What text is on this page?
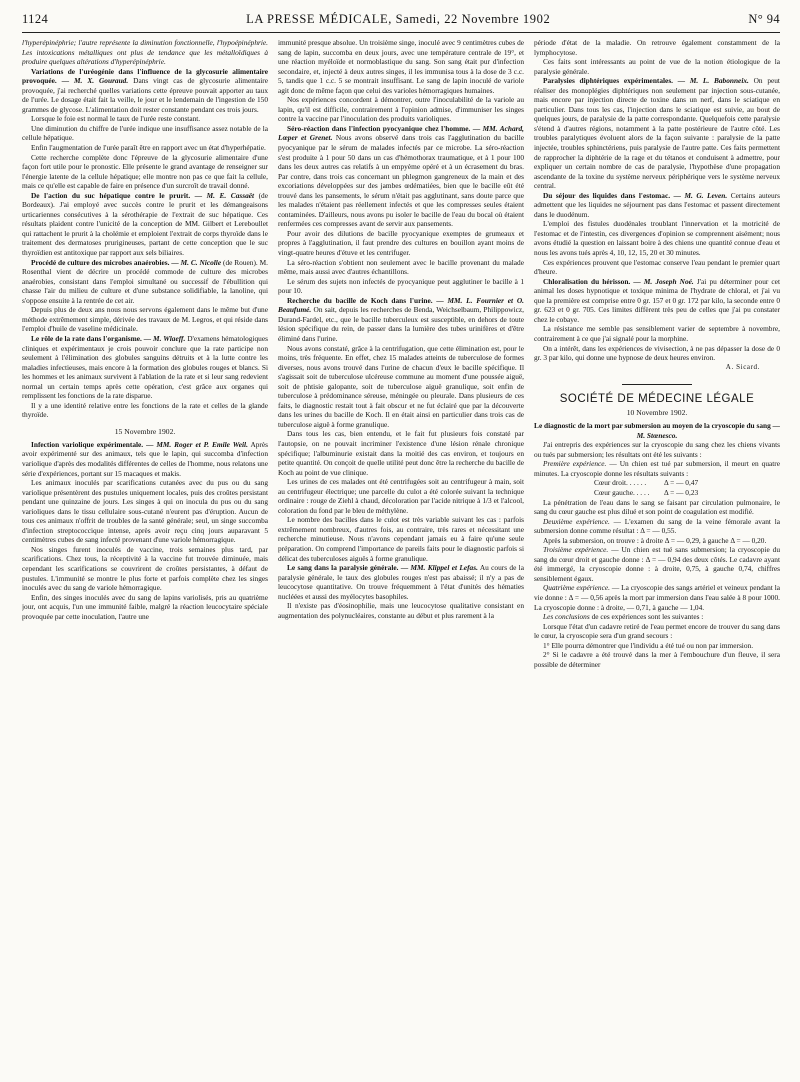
1124	LA PRESSE MÉDICALE, Samedi, 22 Novembre 1902	N° 94

l'hyperépinéphrie; l'autre représente la diminution fonctionnelle, l'hypoépinéphrie. Les intoxications métalliques ont plus de tendance que les métalloïdiques à produire quelques altérations d'hyperépinéphrie.

Variations de l'uréogénie dans l'influence de la glycosurie alimentaire provoquée. — M. X. Gouraud. Dans vingt cas de glycosurie alimentaire provoquée, j'ai recherché quelles variations cette épreuve pouvait apporter au taux de l'urée. Le dosage était fait la veille, le jour et le lendemain de l'ingestion de 150 grammes de glycose. L'alimentation doit rester constante pendant ces trois jours.

Lorsque le foie est normal le taux de l'urée reste constant.

Une diminution du chiffre de l'urée indique une insuffisance assez notable de la cellule hépatique.

Enfin l'augmentation de l'urée paraît être en rapport avec un état d'hyperhépatie.

Cette recherche complète donc l'épreuve de la glycosurie alimentaire d'une façon fort utile pour le pronostic. Elle présente le grand avantage de renseigner sur l'énergie latente de la cellule hépatique; elle montre non pas ce que fait la cellule, mais ce qu'elle est capable de faire en présence d'un surcroît de travail donné.

De l'action du suc hépatique contre le prurit. — M. E. Cassaët (de Bordeaux). J'ai employé avec succès contre le prurit et les démangeaisons urticariennes consécutives à la sérothérapie de l'extrait de suc hépatique. Ces résultats plaident contre l'unicité de la conception de MM. Gilbert et Lereboullet qui rattachent le prurit à la cholémie et emploient l'extrait de corps thyroïde dans le traitement des dermatoses prurigineuses, partant de cette conception que le suc thyroïdien est antitoxique par rapport aux sels biliaires.

Procédé de culture des microbes anaérobies. — M. C. Nicolle (de Rouen). M. Rosenthal vient de décrire un procédé commode de culture des microbes anaérobies, consistant dans l'emploi simultané ou successif de l'ébullition qui chasse l'air du milieu de culture et d'une substance solidifiable, la lanoline, qui s'oppose ensuite à la rentrée de cet air.

Depuis plus de deux ans nous nous servons également dans le même but d'une méthode extrêmement simple, dérivée des travaux de M. Legros, et qui réside dans l'emploi d'huile de vaseline médicinale.

Le rôle de la rate dans l'organisme. — M. Wlaeff. D'examens hématologiques cliniques et expérimentaux je crois pouvoir conclure que la rate participe non seulement à l'élimination des globules sanguins détruits et à la lutte contre les maladies infectieuses, mais encore à la formation des globules rouges et blancs. Si les hommes et les animaux survivent à l'ablation de la rate et si leur sang redevient normal un certain temps après cette opération, c'est grâce aux organes qui remplissent les fonctions de la rate disparue.

Il y a une identité relative entre les fonctions de la rate et celles de la glande thyroïde.

15 Novembre 1902.

Infection variolique expérimentale. — MM. Roger et P. Emile Weil. Après avoir expérimenté sur des animaux, tels que le lapin, qui succomba d'infection variolique d'après des modalités différentes de celles de l'homme, nous relatons une série d'expériences, portant sur 15 macaques et makis.

Les animaux inoculés par scarifications cutanées avec du pus ou du sang variolique présentèrent des pustules uniquement locales, puis des croûtes persistant pendant une quinzaine de jours. Les singes à qui on inocula du pus ou du sang varioliques dans le tissu cellulaire sous-cutané n'eurent pas d'éruption. Aucun de tous ces animaux n'offrit de troubles de la santé générale; seul, un singe succomba d'infection streptococcique intense, après avoir reçu cinq jours auparavant 5 centimètres cubes de sang infecté provenant d'une variole hémorragique.

Nos singes furent inoculés de vaccine, trois semaines plus tard, par scarifications. Chez tous, la réceptivité à la vaccine fut trouvée diminuée, mais cependant les scarifications se couvrirent de croûtes persistantes, à défaut de pustules. L'immunité se montre le plus forte et parfois complète chez les singes inoculés avec du sang de variole hémorragique.

Enfin, des singes inoculés avec du sang de lapins variolisés, pris au quatrième jour, ont acquis, l'un une immunité faible, malgré la réaction leucocytaire spéciale provoquée par cette inoculation, l'autre une

immunité presque absolue. Un troisième singe, inoculé avec 9 centimètres cubes de sang de lapin, succomba en deux jours, avec une température centrale de 19°, et une réaction myéloïde et normoblastique du sang. Son sang était pur d'infection secondaire, et, injecté à deux autres singes, il les immunisa tous à la dose de 3 c.c. 5, tandis que 1 c.c. 5 se montrait insuffisant. Le sang de lapin inoculé de variole agit donc de même façon que celui des varioles hémorragiques humaines.

Nos expériences concordent à démontrer, outre l'inoculabilité de la variole au lapin, qu'il est difficile, contrairement à l'opinion admise, d'immuniser les singes contre la vaccine par l'inoculation des produits varioliques.

Séro-réaction dans l'infection pyocyanique chez l'homme. — MM. Achard, Lœper et Grenet. Nous avons observé dans trois cas l'agglutination du bacille pyocyanique par le sérum de malades infectés par ce microbe. La séro-réaction s'est produite à 1 pour 50 dans un cas d'hémothorax traumatique, et à 1 pour 100 dans les deux autres cas relatifs à un empyème opéré et à un écrasement du bras. Par contre, dans trois cas concernant un phlegmon gangreneux de la main et des excoriations développées sur des jambes œdématiées, bien que le bacille eût été trouvé dans les pansements, le sérum n'était pas agglutinant, sans doute parce que les malades n'étaient pas réellement infectés et que les compresses seules étaient contaminées. D'ailleurs, nous avons pu isoler le bacille de l'eau du bocal où étaient renfermées ces compresses avant de servir aux pansements.

Pour avoir des dilutions de bacille pyocyanique exemptes de grumeaux et propres à l'agglutination, il faut prendre des cultures en bouillon ayant moins de vingt-quatre heures d'étuve et les centrifuger.

La séro-réaction s'obtient non seulement avec le bacille provenant du malade même, mais aussi avec d'autres échantillons.

Le sérum des sujets non infectés de pyocyanique peut agglutiner le bacille à 1 pour 10.

Recherche du bacille de Koch dans l'urine. — MM. L. Fournier et O. Beaufumé. On sait, depuis les recherches de Benda, Weichselbaum, Philippowicz, Durand-Fardel, etc., que le bacille tuberculeux est susceptible, en dehors de toute lésion spécifique du rein, de passer dans la lumière des tubes urinifères et d'être éliminé dans l'urine.

Nous avons constaté, grâce à la centrifugation, que cette élimination est, pour le moins, très fréquente. En effet, chez 15 malades atteints de tuberculose de formes diverses, nous avons trouvé dans l'urine de chacun d'eux le bacille spécifique. Il s'agissait soit de tuberculose ulcéreuse commune au moment d'une poussée aiguë, soit de phtisie galopante, soit de tuberculose aiguë granulique, soit enfin de tuberculose à prédominance séreuse, méningée ou pleurale. Dans plusieurs de ces faits, le diagnostic restait tout à fait obscur et ne fut éclairé que par la découverte dans les urines du bacille de Koch. Il en était ainsi en particulier dans trois cas de tuberculose aiguë à forme granulique.

Dans tous les cas, bien entendu, et le fait fut plusieurs fois constaté par l'autopsie, on ne pouvait incriminer l'existence d'une lésion rénale chronique spécifique; l'albuminurie existait dans la moitié des cas environ, et toujours en petite quantité. On conçoit de quelle utilité peut donc être la recherche du bacille de Koch au point de vue clinique.

Les urines de ces malades ont été centrifugées soit au centrifugeur à main, soit au centrifugeur électrique; une parcelle du culot a été colorée suivant la technique ordinaire : rouge de Ziehl à chaud, décoloration par l'acide nitrique à 1/3 et l'alcool, coloration du fond par le bleu de méthylène.

Le nombre des bacilles dans le culot est très variable suivant les cas : parfois extrêmement nombreux, d'autres fois, au contraire, très rares et nécessitant une recherche minutieuse. Nous n'avons cependant jamais eu à faire qu'une seule préparation. On comprend l'importance de pareils faits pour le diagnostic parfois si délicat des tuberculoses aiguës à forme granulique.

Le sang dans la paralysie générale. — MM. Klippel et Lefas. Au cours de la paralysie générale, le taux des globules rouges n'est pas abaissé; il n'y a pas de leucocytose quantitative. On trouve fréquemment à l'état d'unités des hématies nucléées et aussi des myélocytes basophiles.

Il n'existe pas d'éosinophilie, mais une leucocytose qualitative consistant en augmentation des polynucléaires, constante au début et plus rarement à la

période d'état de la maladie. On retrouve également constamment de la lymphocytose.

Ces faits sont intéressants au point de vue de la notion étiologique de la paralysie générale.

Paralysies diphtériques expérimentales. — M. L. Babonneix. On peut réaliser des monoplégies diphtériques non seulement par injection sous-cutanée, mais encore par injection directe de toxine dans un nerf, dans le sciatique en particulier. Dans tous les cas, l'injection dans le sciatique est suivie, au bout de quelques jours, de paralysie de la patte correspondante. Quelquefois cette paralysie s'étend à d'autres régions, notamment à la patte postérieure de l'autre côté. Les troubles paralytiques évoluent alors de la façon suivante : paralysie de la patte injectée, troubles sphinctériens, puis paralysie de l'autre patte. Ces faits permettent de rapprocher la diphtérie de la rage et du tétanos et conduisent à admettre, pour expliquer un certain nombre de cas de paralysie, l'hypothèse d'une propagation ascendante de la toxine du système nerveux périphérique vers le système nerveux central.

Du séjour des liquides dans l'estomac. — M. G. Leven. Certains auteurs admettent que les liquides ne séjournent pas dans l'estomac et passent directement dans le duodénum.

L'emploi des fistules duodénales troublant l'innervation et la motricité de l'estomac et de l'intestin, ces divergences d'opinion se comprennent aisément; nous avons étudié la question en laissant boire à des chiens une quantité connue d'eau et nous les avons tués après 4, 10, 12, 15, 20 et 30 minutes.

Ces expériences prouvent que l'estomac conserve l'eau pendant le premier quart d'heure.

Chloralisation du hérisson. — M. Joseph Noé. J'ai pu déterminer pour cet animal les doses hypnotique et toxique minima de l'hydrate de chloral, et j'ai vu que la première est comprise entre 0 gr. 157 et 0 gr. 172 par kilo, la seconde entre 0 gr. 623 et 0 gr. 705. Ces limites diffèrent très peu de celles que j'ai pu constater chez le cobaye.

La résistance me semble pas sensiblement varier de septembre à novembre, contrairement à ce que j'ai signalé pour la morphine.

On a intérêt, dans les expériences de vivisection, à ne pas dépasser la dose de 0 gr. 3 par kilo, qui donne une hypnose de deux heures environ.

A. Sicard.

SOCIÉTÉ DE MÉDECINE LÉGALE
10 Novembre 1902.

Le diagnostic de la mort par submersion au moyen de la cryoscopie du sang — M. Stœnesco.

J'ai entrepris des expériences sur la cryoscopie du sang chez les chiens vivants ou tués par submersion; les résultats ont été les suivants :

Première expérience. — Un chien est tué par submersion, il meurt en quatre minutes. La cryoscopie donne les résultats suivants :

Cœur droit. . . . . . Δ = — 0,47
Cœur gauche. . . . . Δ = — 0,23

La pénétration de l'eau dans le sang se faisant par circulation pulmonaire, le sang du cœur gauche est plus dilué et son point de coagulation est modifié.

Deuxième expérience. — L'examen du sang de la veine fémorale avant la submersion donne comme résultat : Δ = — 0,55.

Après la submersion, on trouve : à droite Δ = — 0,29, à gauche Δ = — 0,20.

Troisième expérience. — Un chien est tué sans submersion; la cryoscopie du sang du cœur droit et gauche donne : Δ = — 0,94 des deux côtés. Le cadavre ayant été immergé, la cryoscopie donne : à droite, 0,75, à gauche 0,74, chiffres sensiblement égaux.

Quatrième expérience. — La cryoscopie des sangs artériel et veineux pendant la vie donne : Δ = — 0,56 après la mort par immersion dans l'eau salée à 8 pour 1000. La cryoscopie donne : à droite, — 0,71, à gauche — 1,04.

Les conclusions de ces expériences sont les suivantes :

Lorsque l'état d'un cadavre retiré de l'eau permet encore de trouver du sang dans le cœur, la cryoscopie sera d'un grand secours :

1° Elle pourra démontrer que l'individu a été tué ou non par immersion.

2° Si le cadavre a été trouvé dans la mer à l'embouchure d'un fleuve, il sera possible de déterminer
